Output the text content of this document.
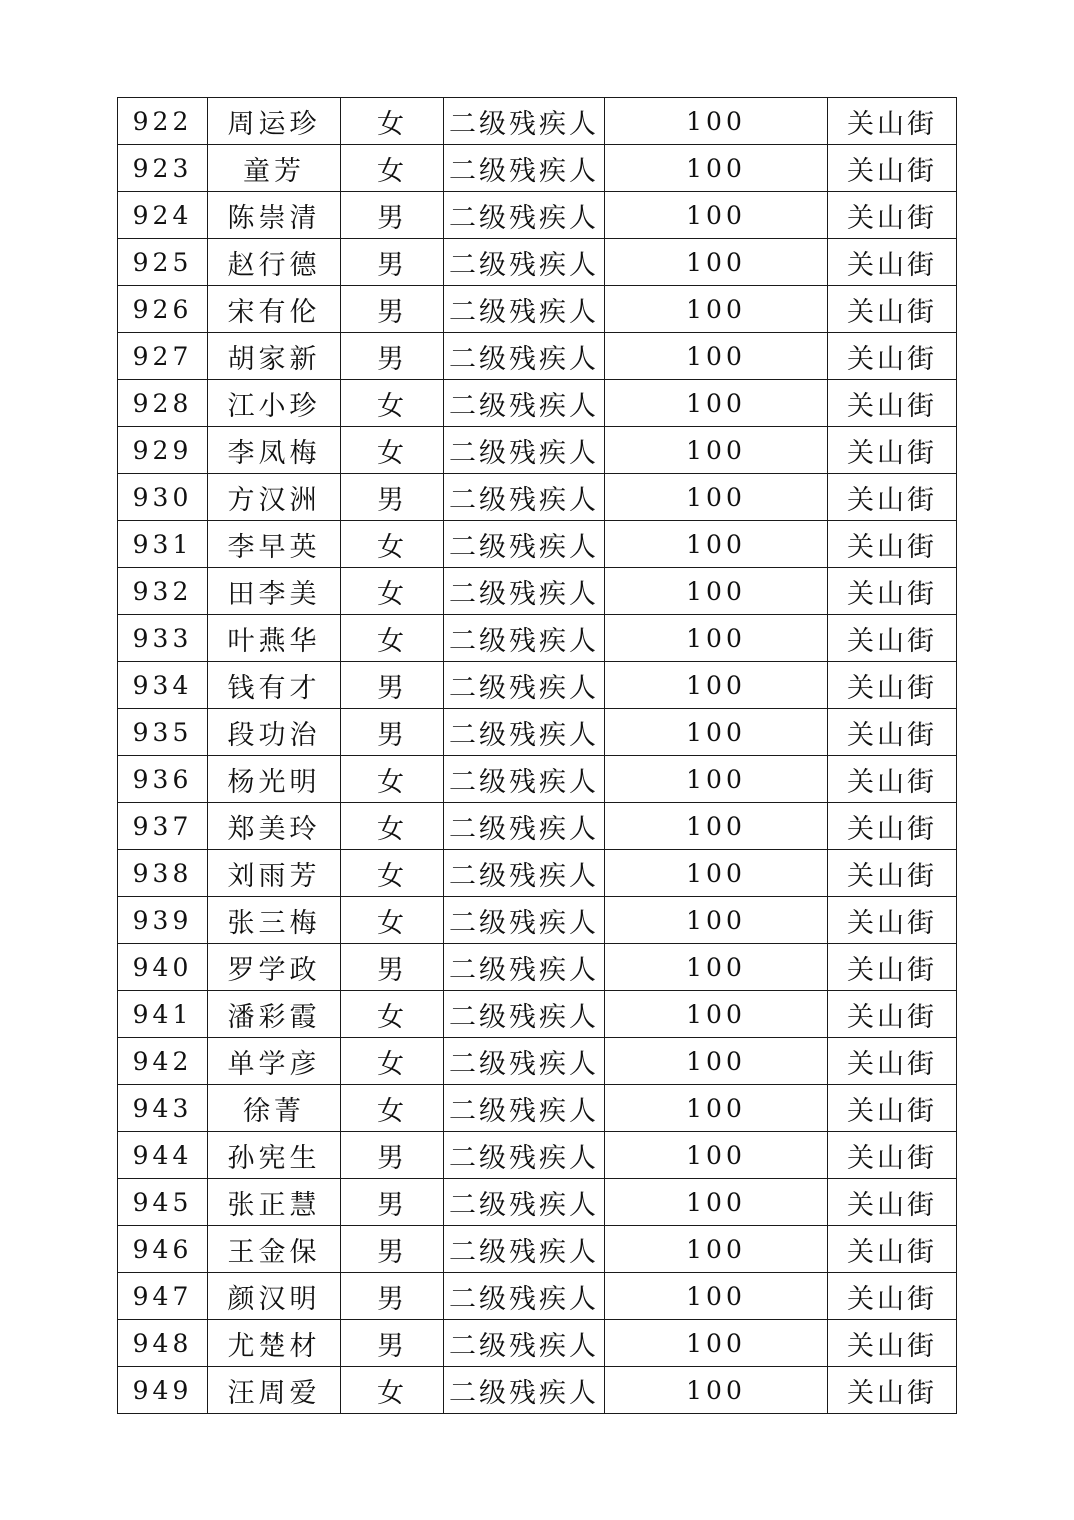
922	周运珍	女	二级残疾人	100	关山街
923	童芳	女	二级残疾人	100	关山街
924	陈崇清	男	二级残疾人	100	关山街
925	赵行德	男	二级残疾人	100	关山街
926	宋有伦	男	二级残疾人	100	关山街
927	胡家新	男	二级残疾人	100	关山街
928	江小珍	女	二级残疾人	100	关山街
929	李凤梅	女	二级残疾人	100	关山街
930	方汉洲	男	二级残疾人	100	关山街
931	李早英	女	二级残疾人	100	关山街
932	田李美	女	二级残疾人	100	关山街
933	叶燕华	女	二级残疾人	100	关山街
934	钱有才	男	二级残疾人	100	关山街
935	段功治	男	二级残疾人	100	关山街
936	杨光明	女	二级残疾人	100	关山街
937	郑美玲	女	二级残疾人	100	关山街
938	刘雨芳	女	二级残疾人	100	关山街
939	张三梅	女	二级残疾人	100	关山街
940	罗学政	男	二级残疾人	100	关山街
941	潘彩霞	女	二级残疾人	100	关山街
942	单学彦	女	二级残疾人	100	关山街
943	徐菁	女	二级残疾人	100	关山街
944	孙宪生	男	二级残疾人	100	关山街
945	张正慧	男	二级残疾人	100	关山街
946	王金保	男	二级残疾人	100	关山街
947	颜汉明	男	二级残疾人	100	关山街
948	尤楚材	男	二级残疾人	100	关山街
949	汪周爱	女	二级残疾人	100	关山街
